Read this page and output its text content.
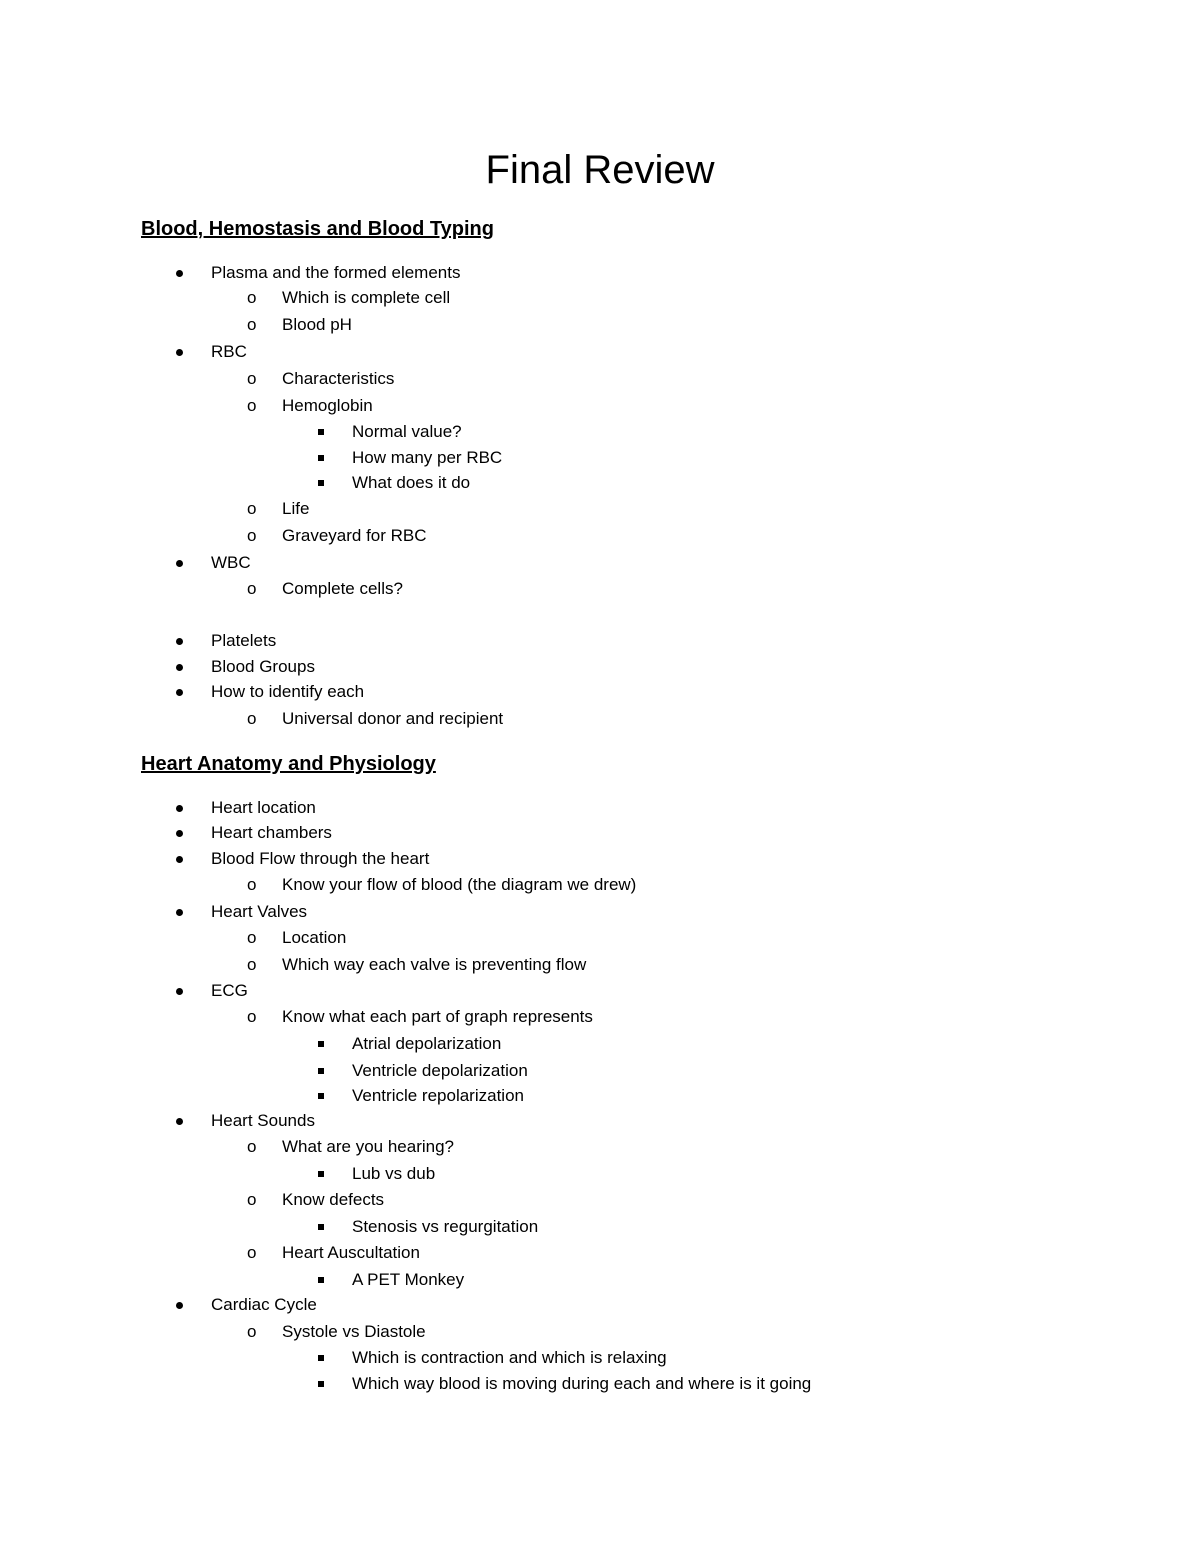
Final Review
Blood, Hemostasis and Blood Typing
Plasma and the formed elements
o Which is complete cell
o Blood pH
RBC
o Characteristics
o Hemoglobin
Normal value?
How many per RBC
What does it do
o Life
o Graveyard for RBC
WBC
o Complete cells?
Platelets
Blood Groups
How to identify each
o Universal donor and recipient
Heart Anatomy and Physiology
Heart location
Heart chambers
Blood Flow through the heart
o Know your flow of blood (the diagram we drew)
Heart Valves
o Location
o Which way each valve is preventing flow
ECG
o Know what each part of graph represents
Atrial depolarization
Ventricle depolarization
Ventricle repolarization
Heart Sounds
o What are you hearing?
Lub vs dub
o Know defects
Stenosis vs regurgitation
o Heart Auscultation
A PET Monkey
Cardiac Cycle
o Systole vs Diastole
Which is contraction and which is relaxing
Which way blood is moving during each and where is it going
